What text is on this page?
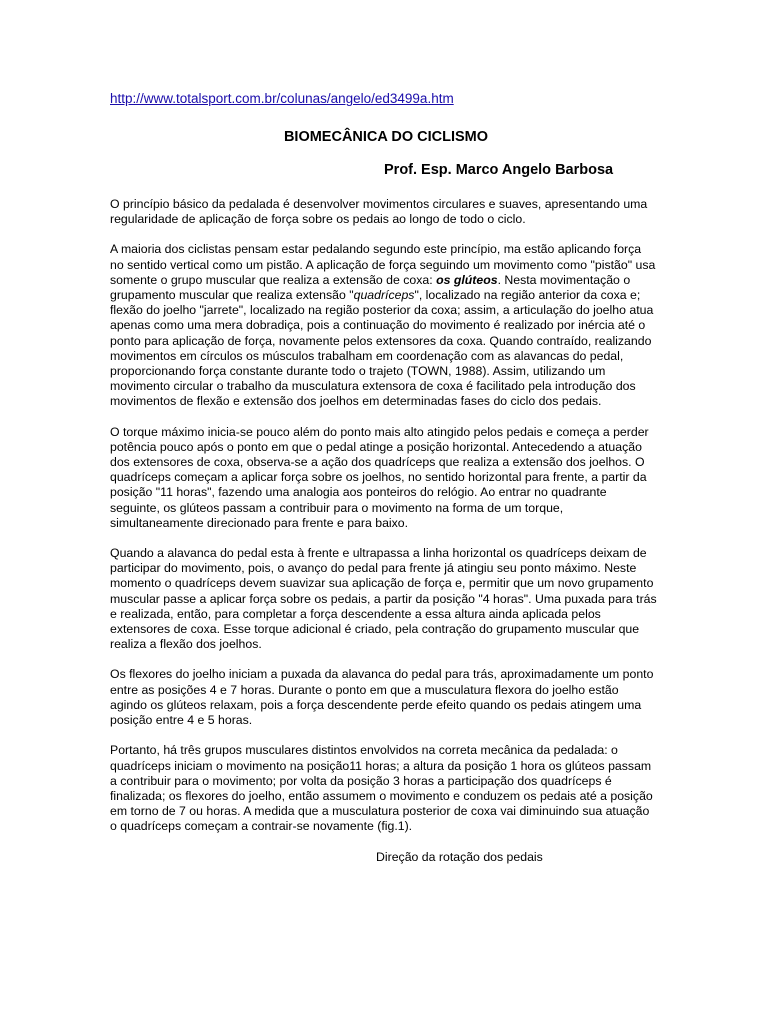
http://www.totalsport.com.br/colunas/angelo/ed3499a.htm
BIOMECÂNICA DO CICLISMO
Prof. Esp. Marco Angelo Barbosa

O princípio básico da pedalada é desenvolver movimentos circulares e suaves, apresentando uma regularidade de aplicação de força sobre os pedais ao longo de todo o ciclo.

A maioria dos ciclistas pensam estar pedalando segundo este princípio, ma estão aplicando força no sentido vertical como um pistão. A aplicação de força seguindo um movimento como "pistão" usa somente o grupo muscular que realiza a extensão de coxa: os glúteos. Nesta movimentação o grupamento muscular que realiza extensão "quadríceps", localizado na região anterior da coxa e; flexão do joelho "jarrete", localizado na região posterior da coxa; assim, a articulação do joelho atua apenas como uma mera dobradiça, pois a continuação do movimento é realizado por inércia até o ponto para aplicação de força, novamente pelos extensores da coxa. Quando contraído, realizando movimentos em círculos os músculos trabalham em coordenação com as alavancas do pedal, proporcionando força constante durante todo o trajeto (TOWN, 1988). Assim, utilizando um movimento circular o trabalho da musculatura extensora de coxa é facilitado pela introdução dos movimentos de flexão e extensão dos joelhos em determinadas fases do ciclo dos pedais.

O torque máximo inicia-se pouco além do ponto mais alto atingido pelos pedais e começa a perder potência pouco após o ponto em que o pedal atinge a posição horizontal. Antecedendo a atuação dos extensores de coxa, observa-se a ação dos quadríceps que realiza a extensão dos joelhos. O quadríceps começam a aplicar força sobre os joelhos, no sentido horizontal para frente, a partir da posição "11 horas", fazendo uma analogia aos ponteiros do relógio. Ao entrar no quadrante seguinte, os glúteos passam a contribuir para o movimento na forma de um torque, simultaneamente direcionado para frente e para baixo.

Quando a alavanca do pedal esta à frente e ultrapassa a linha horizontal os quadríceps deixam de participar do movimento, pois, o avanço do pedal para frente já atingiu seu ponto máximo. Neste momento o quadríceps devem suavizar sua aplicação de força e, permitir que um novo grupamento muscular passe a aplicar força sobre os pedais, a partir da posição "4 horas". Uma puxada para trás e realizada, então, para completar a força descendente a essa altura ainda aplicada pelos extensores de coxa. Esse torque adicional é criado, pela contração do grupamento muscular que realiza a flexão dos joelhos.

Os flexores do joelho iniciam a puxada da alavanca do pedal para trás, aproximadamente um ponto entre as posições 4 e 7 horas. Durante o ponto em que a musculatura flexora do joelho estão agindo os glúteos relaxam, pois a força descendente perde efeito quando os pedais atingem uma posição entre 4 e 5 horas.

Portanto, há três grupos musculares distintos envolvidos na correta mecânica da pedalada: o quadríceps iniciam o movimento na posição11 horas; a altura da posição 1 hora os glúteos passam a contribuir para o movimento; por volta da posição 3 horas a participação dos quadríceps é finalizada; os flexores do joelho, então assumem o movimento e conduzem os pedais até a posição em torno de 7 ou horas. A medida que a musculatura posterior de coxa vai diminuindo sua atuação o quadríceps começam a contrair-se novamente (fig.1).

Direção da rotação dos pedais
